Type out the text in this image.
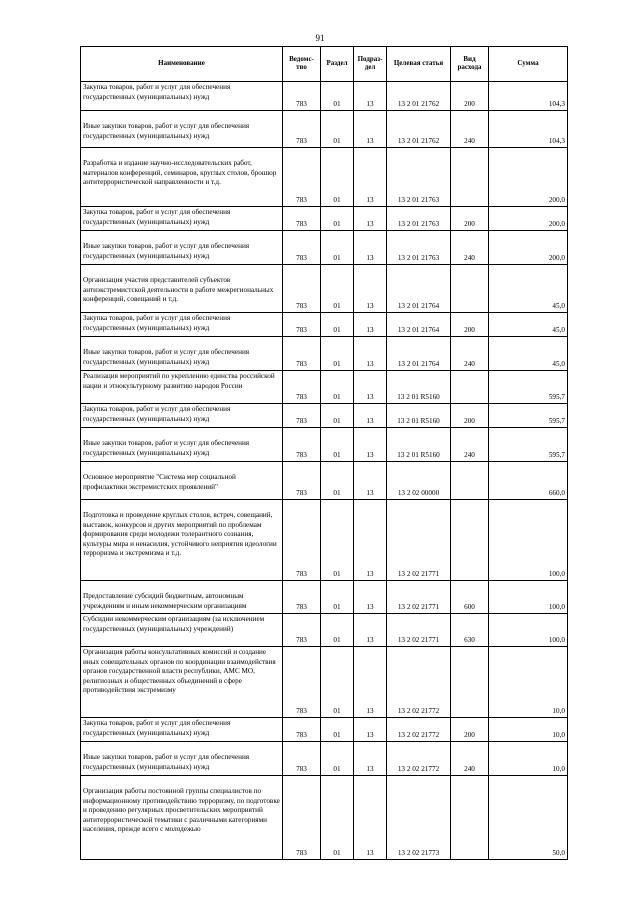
91
Наименование	Ведомс-тво	Раздел	Подраз-дел	Целевая статья	Вид расхода	Сумма
Закупка товаров, работ и услуг для обеспечения государственных (муниципальных) нужд	783	01	13	13 2 01 21762	200	104,3
Иные закупки товаров, работ и услуг для обеспечения государственных (муниципальных) нужд	783	01	13	13 2 01 21762	240	104,3
Разработка и издание научно-исследовательских работ, материалов конференций, семинаров, круглых столов, брошюр антитеррористической направленности и т.д.	783	01	13	13 2 01 21763		200,0
Закупка товаров, работ и услуг для обеспечения государственных (муниципальных) нужд	783	01	13	13 2 01 21763	200	200,0
Иные закупки товаров, работ и услуг для обеспечения государственных (муниципальных) нужд	783	01	13	13 2 01 21763	240	200,0
Организация участия представителей субъектов антиэкстремистской деятельности в работе межрегиональных конференций, совещаний и т.д.	783	01	13	13 2 01 21764		45,0
Закупка товаров, работ и услуг для обеспечения государственных (муниципальных) нужд	783	01	13	13 2 01 21764	200	45,0
Иные закупки товаров, работ и услуг для обеспечения государственных (муниципальных) нужд	783	01	13	13 2 01 21764	240	45,0
Реализация мероприятий по укреплению единства российской нации и этнокультурному развитию народов России	783	01	13	13 2 01 R5160		595,7
Закупка товаров, работ и услуг для обеспечения государственных (муниципальных) нужд	783	01	13	13 2 01 R5160	200	595,7
Иные закупки товаров, работ и услуг для обеспечения государственных (муниципальных) нужд	783	01	13	13 2 01 R5160	240	595,7
Основное мероприятие "Система мер социальной профилактики экстремистских проявлений"	783	01	13	13 2 02 00000		660,0
Подготовка и проведение круглых столов, встреч, совещаний, выставок, конкурсов и других мероприятий по проблемам формирования среди молодежи толерантного сознания, культуры мира и ненасилия, устойчивого неприятия идеологии терроризма и экстремизма и т.д.	783	01	13	13 2 02 21771		100,0
Предоставление субсидий бюджетным, автономным учреждениям и иным некоммерческим организациям	783	01	13	13 2 02 21771	600	100,0
Субсидии некоммерческим организациям (за исключением государственных (муниципальных) учреждений)	783	01	13	13 2 02 21771	630	100,0
Организация работы консультативных комиссий и создание иных совещательных органов по координации взаимодействия органов государственной власти республики, АМС МО, религиозных и общественных объединений в сфере противодействия экстремизму	783	01	13	13 2 02 21772		10,0
Закупка товаров, работ и услуг для обеспечения государственных (муниципальных) нужд	783	01	13	13 2 02 21772	200	10,0
Иные закупки товаров, работ и услуг для обеспечения государственных (муниципальных) нужд	783	01	13	13 2 02 21772	240	10,0
Организация работы постоянной группы специалистов по информационному противодействию терроризму, по подготовке и проведению регулярных просветительских мероприятий антитеррористической тематики с различными категориями населения, прежде всего с молодежью	783	01	13	13 2 02 21773		50,0
